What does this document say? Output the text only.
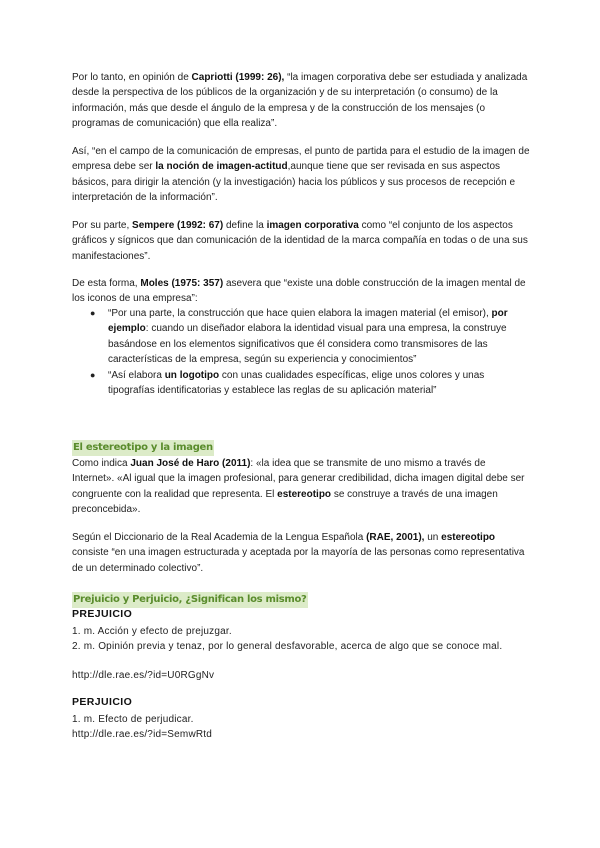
Por lo tanto, en opinión de Capriotti (1999: 26), “la imagen corporativa debe ser estudiada y analizada desde la perspectiva de los públicos de la organización y de su interpretación (o consumo) de la información, más que desde el ángulo de la empresa y de la construcción de los mensajes (o programas de comunicación) que ella realiza”.

Así, “en el campo de la comunicación de empresas, el punto de partida para el estudio de la imagen de empresa debe ser la noción de imagen-actitud,aunque tiene que ser revisada en sus aspectos básicos, para dirigir la atención (y la investigación) hacia los públicos y sus procesos de recepción e interpretación de la información”.

Por su parte, Sempere (1992: 67) define la imagen corporativa como “el conjunto de los aspectos gráficos y sígnicos que dan comunicación de la identidad de la marca compañía en todas o de una sus manifestaciones”.

De esta forma, Moles (1975: 357) asevera que “existe una doble construcción de la imagen mental de los iconos de una empresa”:

● “Por una parte, la construcción que hace quien elabora la imagen material (el emisor), por ejemplo: cuando un diseñador elabora la identidad visual para una empresa, la construye basándose en los elementos significativos que él considera como transmisores de las características de la empresa, según su experiencia y conocimientos”
● “Así elabora un logotipo con unas cualidades específicas, elige unos colores y unas tipografías identificatorias y establece las reglas de su aplicación material”
El estereotipo y la imagen

Como indica Juan José de Haro (2011): «la idea que se transmite de uno mismo a través de Internet». «Al igual que la imagen profesional, para generar credibilidad, dicha imagen digital debe ser congruente con la realidad que representa. El estereotipo se construye a través de una imagen preconcebida».

Según el Diccionario de la Real Academia de la Lengua Española (RAE, 2001), un estereotipo consiste “en una imagen estructurada y aceptada por la mayoría de las personas como representativa de un determinado colectivo”.

Prejuicio y Perjuicio, ¿Significan los mismo?

PREJUICIO

1. m. Acción y efecto de prejuzgar.

2. m. Opinión previa y tenaz, por lo general desfavorable, acerca de algo que se conoce mal.

http://dle.rae.es/?id=U0RGgNv

PERJUICIO

1. m. Efecto de perjudicar.

http://dle.rae.es/?id=SemwRtd
